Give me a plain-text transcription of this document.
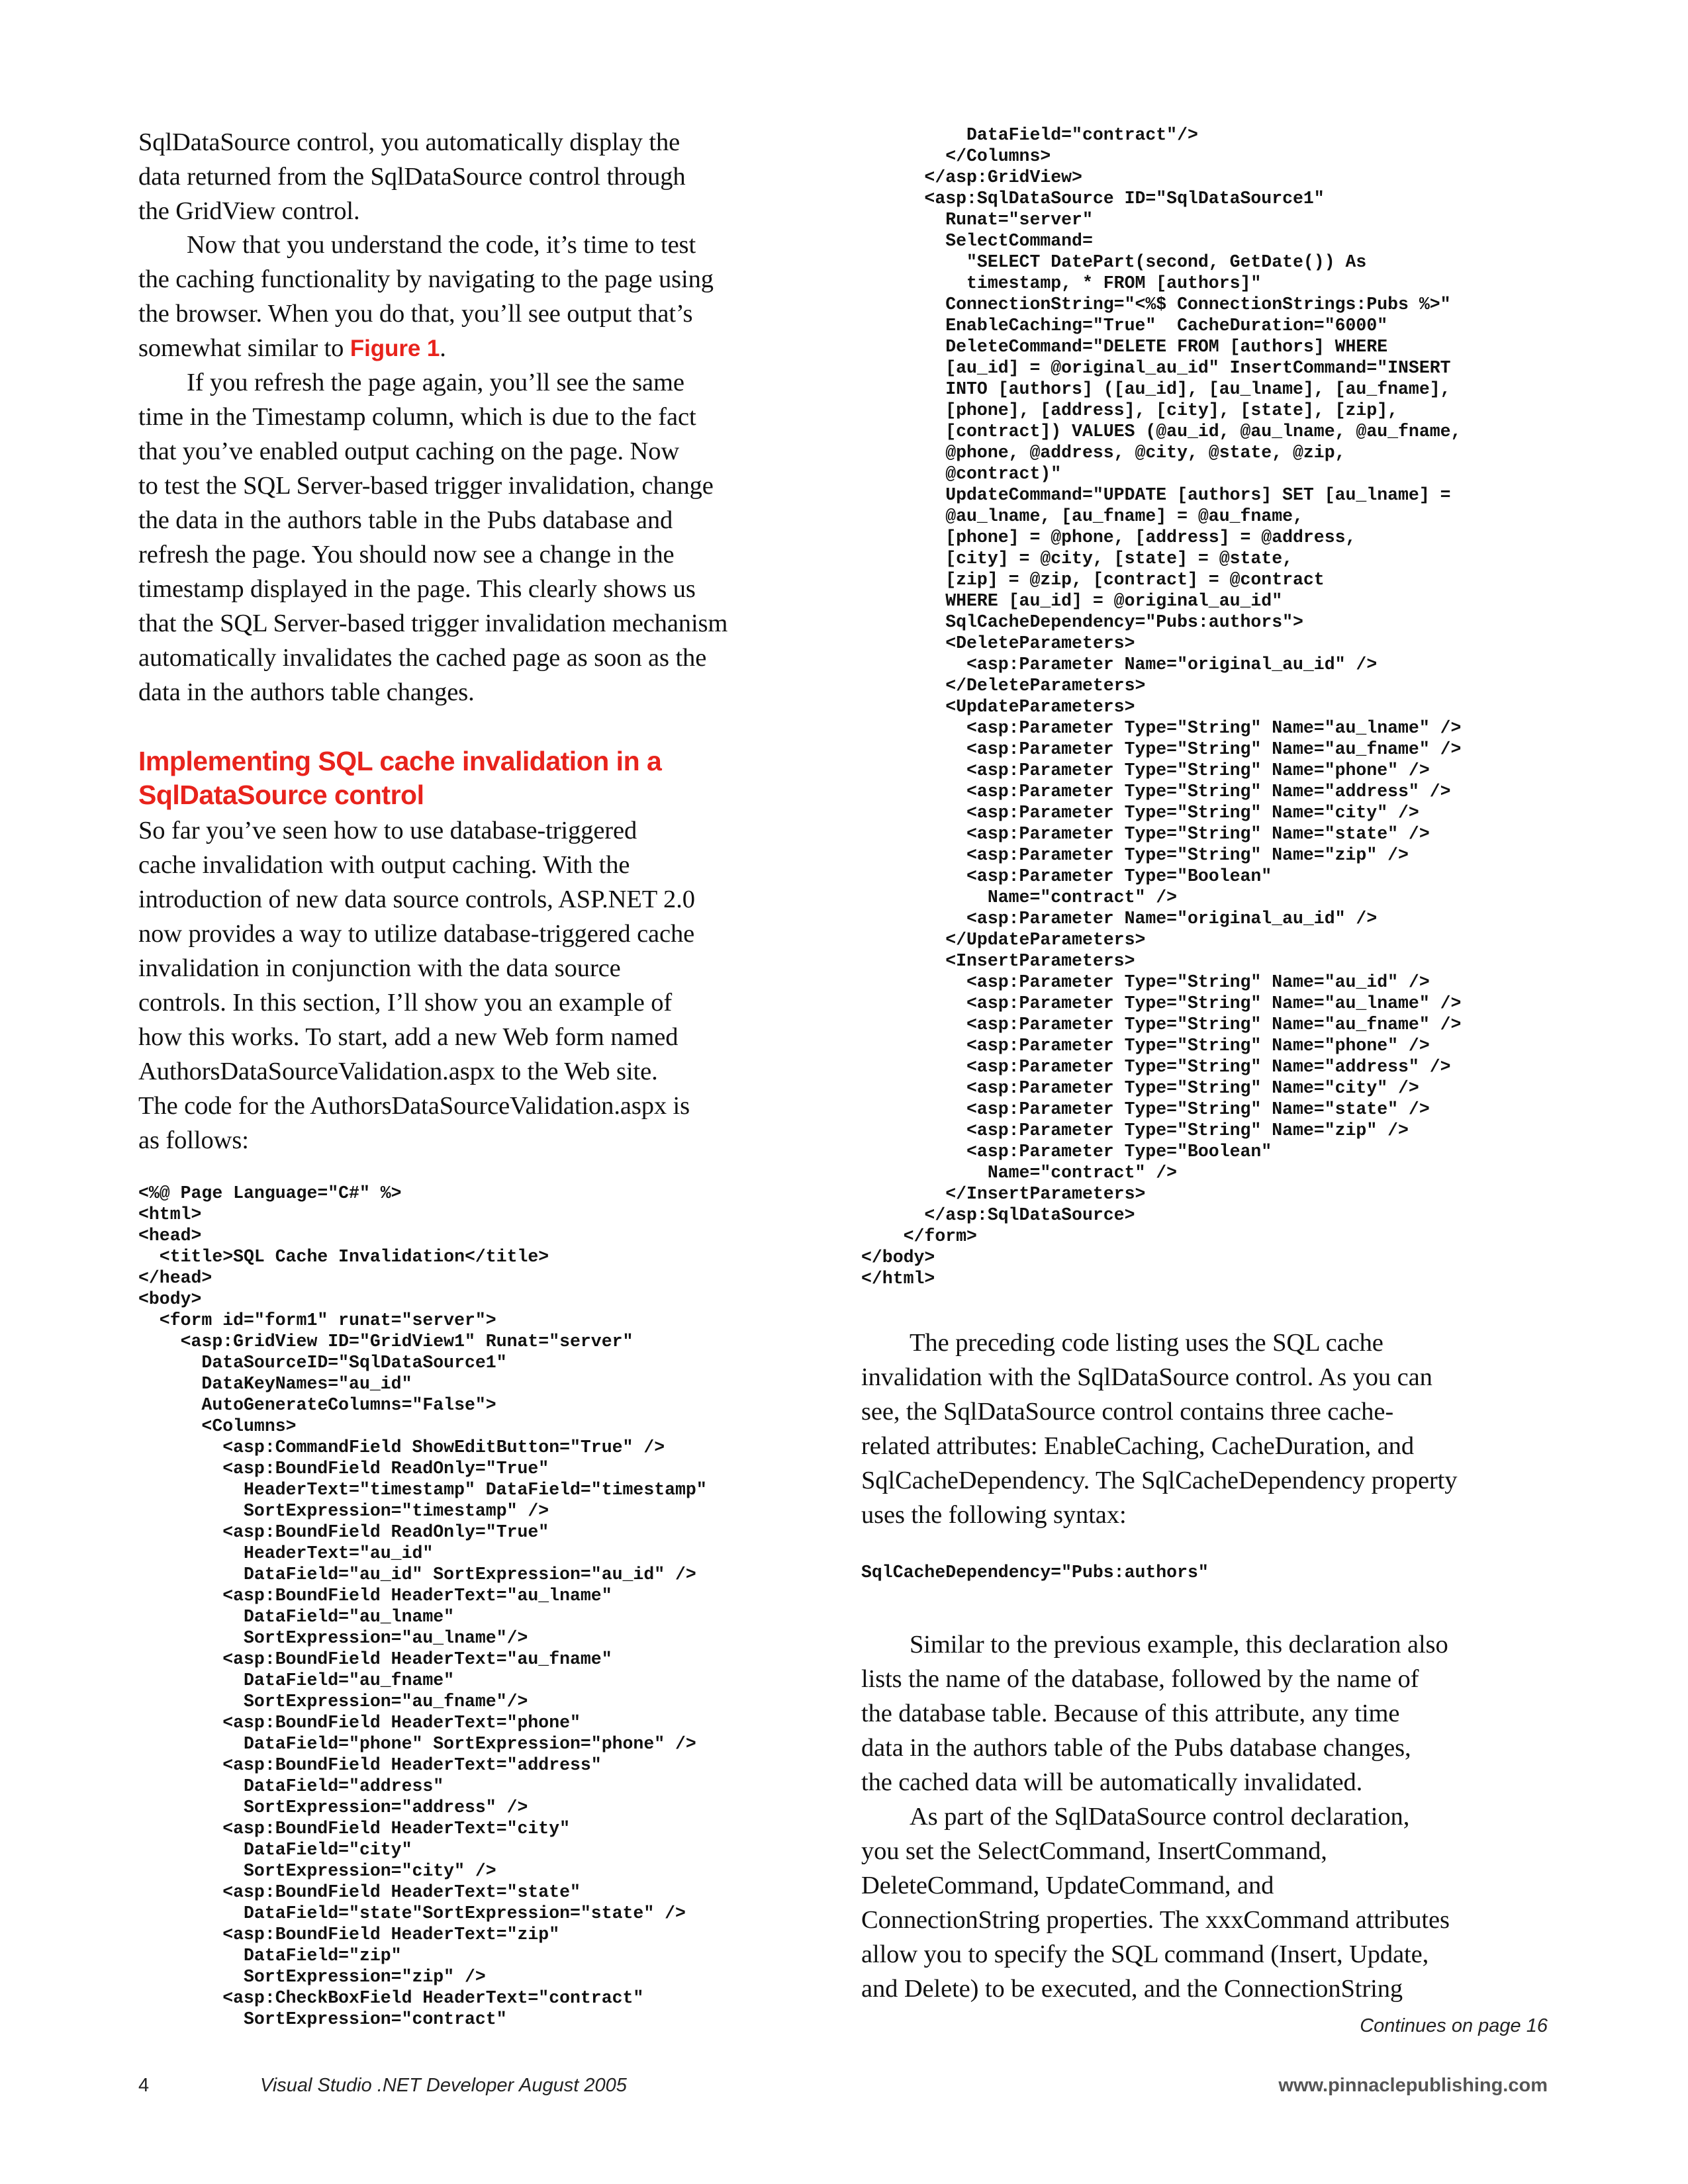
SqlDataSource control, you automatically display the
data returned from the SqlDataSource control through
the GridView control.

Now that you understand the code, it’s time to test
the caching functionality by navigating to the page using
the browser. When you do that, you’ll see output that’s
somewhat similar to Figure 1.

If you refresh the page again, you’ll see the same
time in the Timestamp column, which is due to the fact
that you’ve enabled output caching on the page. Now
to test the SQL Server-based trigger invalidation, change
the data in the authors table in the Pubs database and
refresh the page. You should now see a change in the
timestamp displayed in the page. This clearly shows us
that the SQL Server-based trigger invalidation mechanism
automatically invalidates the cached page as soon as the
data in the authors table changes.

Implementing SQL cache invalidation in a
SqlDataSource control

So far you’ve seen how to use database-triggered
cache invalidation with output caching. With the
introduction of new data source controls, ASP.NET 2.0
now provides a way to utilize database-triggered cache
invalidation in conjunction with the data source
controls. In this section, I’ll show you an example of
how this works. To start, add a new Web form named
AuthorsDataSourceValidation.aspx to the Web site.
The code for the AuthorsDataSourceValidation.aspx is
as follows:

<%@ Page Language="C#" %>
<html>
<head>
<title>SQL Cache Invalidation</title>
</head>
<body>
<form id="form1" runat="server">
<asp:GridView ID="GridView1" Runat="server"
DataSourceID="SqlDataSource1"
DataKeyNames="au_id"
AutoGenerateColumns="False">
<Columns>
<asp:CommandField ShowEditButton="True" />
<asp:BoundField ReadOnly="True"
HeaderText="timestamp" DataField="timestamp"
SortExpression="timestamp" />
<asp:BoundField ReadOnly="True"
HeaderText="au_id"
DataField="au_id" SortExpression="au_id" />
<asp:BoundField HeaderText="au_lname"
DataField="au_lname"
SortExpression="au_lname"/>
<asp:BoundField HeaderText="au_fname"
DataField="au_fname"
SortExpression="au_fname"/>
<asp:BoundField HeaderText="phone"
DataField="phone" SortExpression="phone" />
<asp:BoundField HeaderText="address"
DataField="address"
SortExpression="address" />
<asp:BoundField HeaderText="city"
DataField="city"
SortExpression="city" />
<asp:BoundField HeaderText="state"
DataField="state"SortExpression="state" />
<asp:BoundField HeaderText="zip"
DataField="zip"
SortExpression="zip" />
<asp:CheckBoxField HeaderText="contract"
SortExpression="contract"
DataField="contract"/>
</Columns>
</asp:GridView>
<asp:SqlDataSource ID="SqlDataSource1"
Runat="server"
SelectCommand=
"SELECT DatePart(second, GetDate()) As
timestamp, * FROM [authors]"
ConnectionString="<%$ ConnectionStrings:Pubs %>"
EnableCaching="True"  CacheDuration="6000"
DeleteCommand="DELETE FROM [authors] WHERE
[au_id] = @original_au_id" InsertCommand="INSERT
INTO [authors] ([au_id], [au_lname], [au_fname],
[phone], [address], [city], [state], [zip],
[contract]) VALUES (@au_id, @au_lname, @au_fname,
@phone, @address, @city, @state, @zip,
@contract)"
UpdateCommand="UPDATE [authors] SET [au_lname] =
@au_lname, [au_fname] = @au_fname,
[phone] = @phone, [address] = @address,
[city] = @city, [state] = @state,
[zip] = @zip, [contract] = @contract
WHERE [au_id] = @original_au_id"
SqlCacheDependency="Pubs:authors">
<DeleteParameters>
<asp:Parameter Name="original_au_id" />
</DeleteParameters>
<UpdateParameters>
<asp:Parameter Type="String" Name="au_lname" />
<asp:Parameter Type="String" Name="au_fname" />
<asp:Parameter Type="String" Name="phone" />
<asp:Parameter Type="String" Name="address" />
<asp:Parameter Type="String" Name="city" />
<asp:Parameter Type="String" Name="state" />
<asp:Parameter Type="String" Name="zip" />
<asp:Parameter Type="Boolean"
Name="contract" />
<asp:Parameter Name="original_au_id" />
</UpdateParameters>
<InsertParameters>
<asp:Parameter Type="String" Name="au_id" />
<asp:Parameter Type="String" Name="au_lname" />
<asp:Parameter Type="String" Name="au_fname" />
<asp:Parameter Type="String" Name="phone" />
<asp:Parameter Type="String" Name="address" />
<asp:Parameter Type="String" Name="city" />
<asp:Parameter Type="String" Name="state" />
<asp:Parameter Type="String" Name="zip" />
<asp:Parameter Type="Boolean"
Name="contract" />
</InsertParameters>
</asp:SqlDataSource>
</form>
</body>
</html>

The preceding code listing uses the SQL cache
invalidation with the SqlDataSource control. As you can
see, the SqlDataSource control contains three cache-
related attributes: EnableCaching, CacheDuration, and
SqlCacheDependency. The SqlCacheDependency property
uses the following syntax:

SqlCacheDependency="Pubs:authors"

Similar to the previous example, this declaration also
lists the name of the database, followed by the name of
the database table. Because of this attribute, any time
data in the authors table of the Pubs database changes,
the cached data will be automatically invalidated.

As part of the SqlDataSource control declaration,
you set the SelectCommand, InsertCommand,
DeleteCommand, UpdateCommand, and
ConnectionString properties. The xxxCommand attributes
allow you to specify the SQL command (Insert, Update,
and Delete) to be executed, and the ConnectionString

Continues on page 16
4	Visual Studio .NET Developer August 2005	www.pinnaclepublishing.com
